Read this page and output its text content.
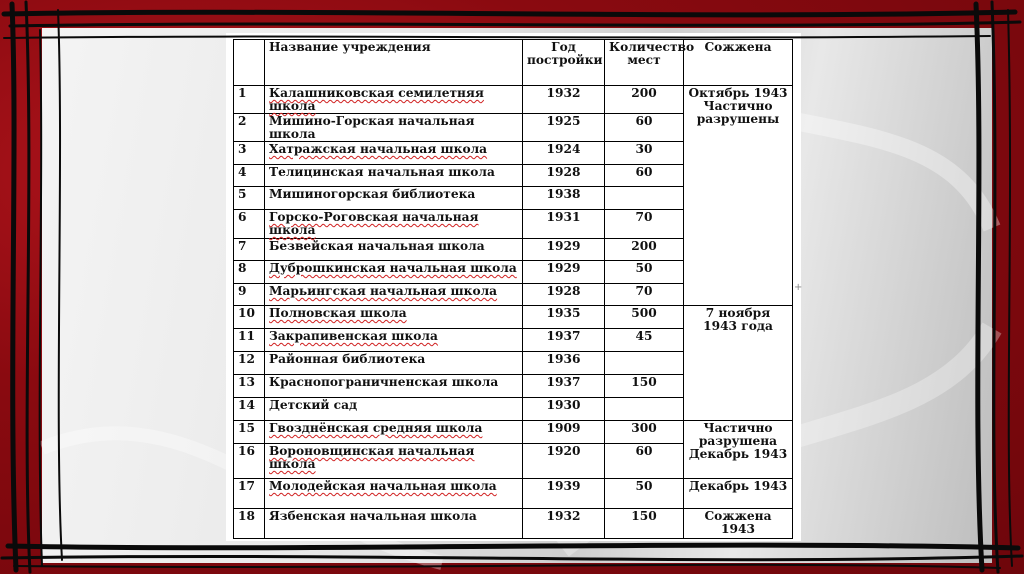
	Название учреждения	Год постройки	Количество мест	Сожжена
1	Калашниковская семилетняя школа	1932	200	Октябрь 1943 Частично разрушены
2	Мишино-Горская начальная школа	1925	60	
3	Хатражская начальная школа	1924	30	
4	Телицинская начальная школа	1928	60	
5	Мишиногорская библиотека	1938		
6	Горско-Роговская начальная школа	1931	70	
7	Безвейская начальная школа	1929	200	
8	Дуброшкинская начальная школа	1929	50	
9	Марьингская начальная школа	1928	70	
10	Полновская школа	1935	500	7 ноября 1943 года
11	Закрапивенская школа	1937	45	
12	Районная библиотека	1936		
13	Краснопограничненская школа	1937	150	
14	Детский сад	1930		
15	Гвозднёнская средняя школа	1909	300	Частично разрушена Декабрь 1943
16	Вороновщинская начальная школа	1920	60	
17	Молодейская начальная школа	1939	50	Декабрь 1943
18	Язбенская начальная школа	1932	150	Сожжена 1943
+
